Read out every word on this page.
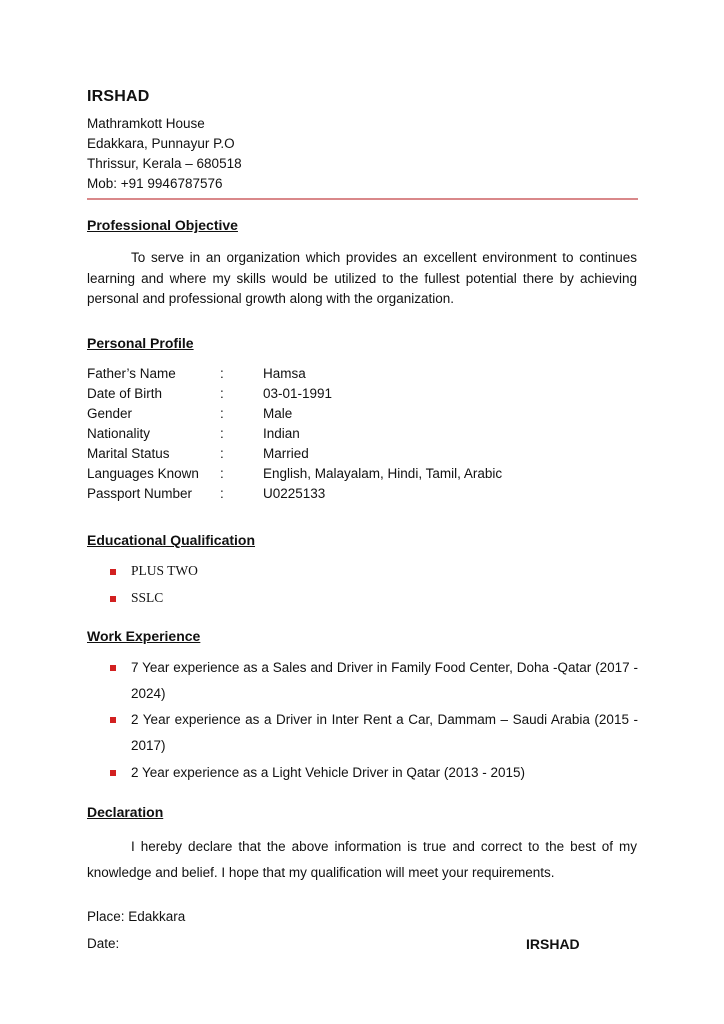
IRSHAD
Mathramkott House
Edakkara, Punnayur P.O
Thrissur, Kerala – 680518
Mob: +91 9946787576
Professional Objective
To serve in an organization which provides an excellent environment to continues learning and where my skills would be utilized to the fullest potential there by achieving personal and professional growth along with the organization.
Personal Profile
Father’s Name	:	Hamsa
Date of Birth	:	03-01-1991
Gender	:	Male
Nationality	:	Indian
Marital Status	:	Married
Languages Known :	English, Malayalam, Hindi, Tamil, Arabic
Passport Number :	U0225133
Educational Qualification
PLUS TWO
SSLC
Work Experience
7 Year experience as a Sales and Driver in Family Food Center, Doha -Qatar (2017 - 2024)
2 Year experience as a Driver in Inter Rent a Car, Dammam – Saudi Arabia (2015 - 2017)
2 Year experience as a Light Vehicle Driver in Qatar (2013 - 2015)
Declaration
I hereby declare that the above information is true and correct to the best of my knowledge and belief. I hope that my qualification will meet your requirements.
Place: Edakkara
Date:	IRSHAD
